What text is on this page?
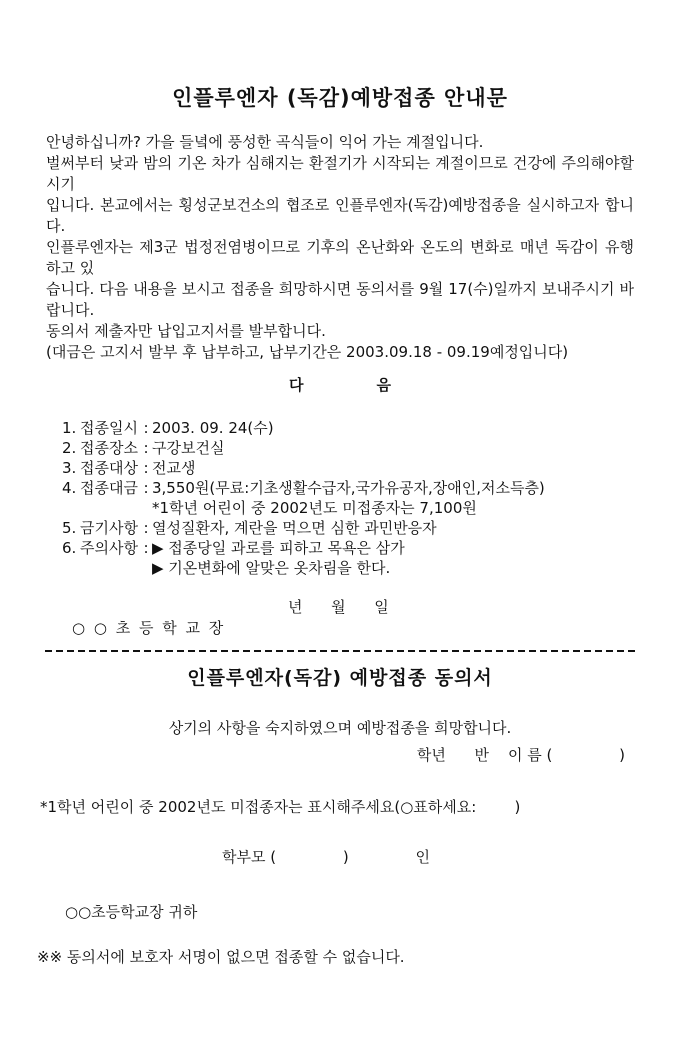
인플루엔자 (독감)예방접종 안내문
안녕하십니까? 가을 들녘에 풍성한 곡식들이 익어 가는 계절입니다.
벌써부터 낮과 밤의 기온 차가 심해지는 환절기가 시작되는 계절이므로 건강에 주의해야할 시기
입니다. 본교에서는 횡성군보건소의 협조로 인플루엔자(독감)예방접종을 실시하고자 합니다.
인플루엔자는 제3군 법정전염병이므로 기후의 온난화와 온도의 변화로 매년 독감이 유행하고 있
습니다. 다음 내용을 보시고 접종을 희망하시면 동의서를 9월 17(수)일까지 보내주시기 바랍니다.
동의서 제출자만 납입고지서를 발부합니다.
(대금은 고지서 발부 후 납부하고, 납부기간은 2003.09.18 - 09.19예정입니다)
다              음
1. 접종일시 : 2003. 09. 24(수)
2. 접종장소 : 구강보건실
3. 접종대상 : 전교생
4. 접종대금 : 3,550원(무료:기초생활수급자,국가유공자,장애인,저소득층)
*1학년 어린이 중 2002년도 미접종자는 7,100원
5. 금기사항 : 열성질환자, 계란을 먹으면 심한 과민반응자
6. 주의사항 : ▶ 접종당일 과로를 피하고 목욕은 삼가
▶ 기온변화에 알맞은 옷차림을 한다.
년      월      일
○ ○ 초 등 학 교 장
인플루엔자(독감) 예방접종 동의서
상기의 사항을 숙지하였으며 예방접종을 희망합니다.
학년      반    이 름 (              )
*1학년 어린이 중 2002년도 미접종자는 표시해주세요(○표하세요:        )
학부모 (              )              인
○○초등학교장 귀하
※※ 동의서에 보호자 서명이 없으면 접종할 수 없습니다.
